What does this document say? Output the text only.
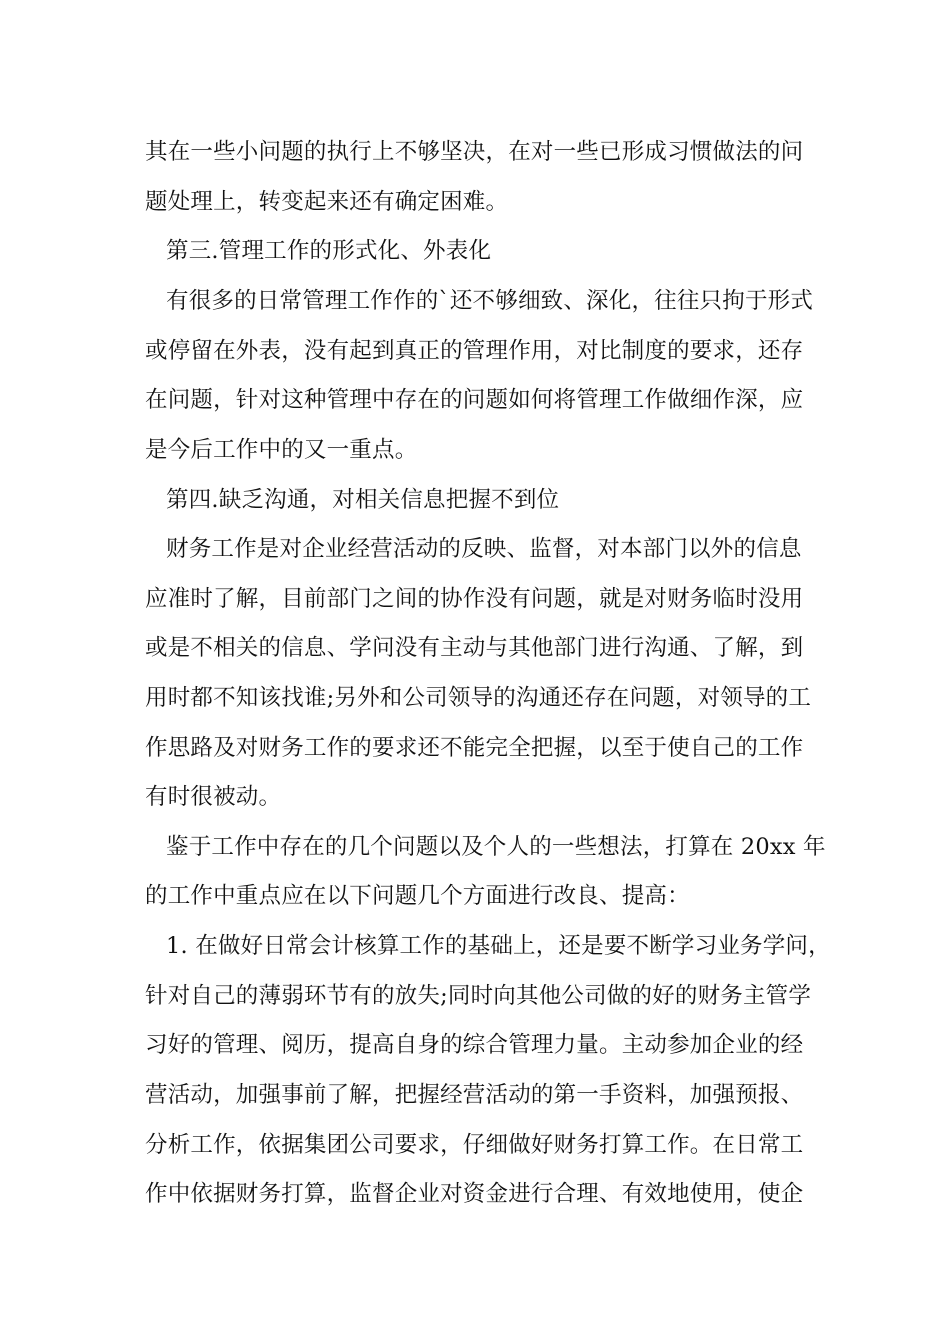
其在一些小问题的执行上不够坚决，在对一些已形成习惯做法的问
题处理上，转变起来还有确定困难。
第三.管理工作的形式化、外表化
有很多的日常管理工作作的`还不够细致、深化，往往只拘于形式
或停留在外表，没有起到真正的管理作用，对比制度的要求，还存
在问题，针对这种管理中存在的问题如何将管理工作做细作深，应
是今后工作中的又一重点。
第四.缺乏沟通，对相关信息把握不到位
财务工作是对企业经营活动的反映、监督，对本部门以外的信息
应准时了解，目前部门之间的协作没有问题，就是对财务临时没用
或是不相关的信息、学问没有主动与其他部门进行沟通、了解，到
用时都不知该找谁;另外和公司领导的沟通还存在问题，对领导的工
作思路及对财务工作的要求还不能完全把握，以至于使自己的工作
有时很被动。
鉴于工作中存在的几个问题以及个人的一些想法，打算在 20xx 年
的工作中重点应在以下问题几个方面进行改良、提高：
1. 在做好日常会计核算工作的基础上，还是要不断学习业务学问，
针对自己的薄弱环节有的放失;同时向其他公司做的好的财务主管学
习好的管理、阅历，提高自身的综合管理力量。主动参加企业的经
营活动，加强事前了解，把握经营活动的第一手资料，加强预报、
分析工作，依据集团公司要求，仔细做好财务打算工作。在日常工
作中依据财务打算，监督企业对资金进行合理、有效地使用，使企
